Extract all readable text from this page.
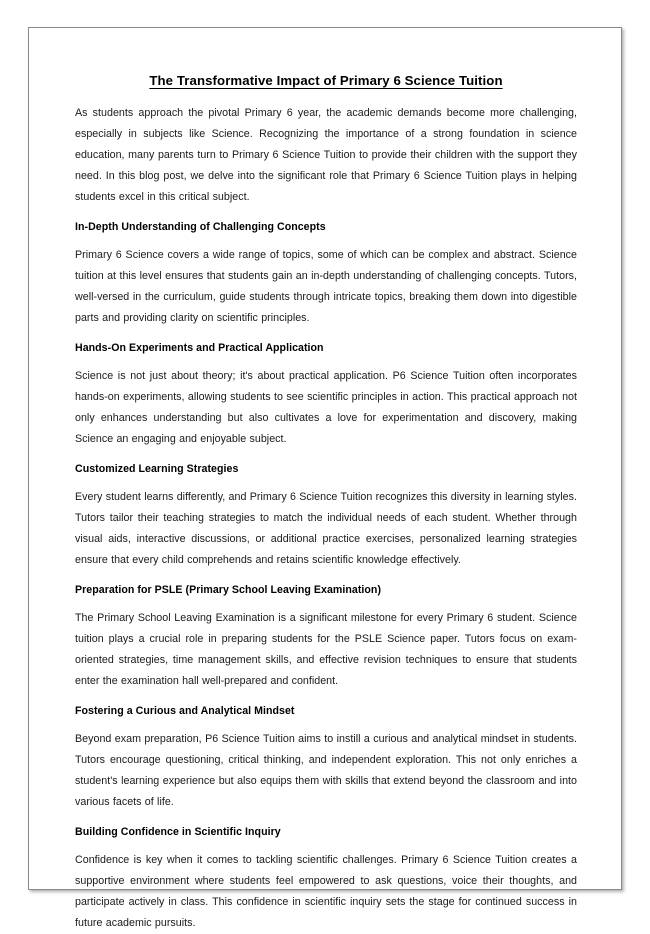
The Transformative Impact of Primary 6 Science Tuition

As students approach the pivotal Primary 6 year, the academic demands become more challenging, especially in subjects like Science. Recognizing the importance of a strong foundation in science education, many parents turn to Primary 6 Science Tuition to provide their children with the support they need. In this blog post, we delve into the significant role that Primary 6 Science Tuition plays in helping students excel in this critical subject.

In-Depth Understanding of Challenging Concepts

Primary 6 Science covers a wide range of topics, some of which can be complex and abstract. Science tuition at this level ensures that students gain an in-depth understanding of challenging concepts. Tutors, well-versed in the curriculum, guide students through intricate topics, breaking them down into digestible parts and providing clarity on scientific principles.

Hands-On Experiments and Practical Application

Science is not just about theory; it's about practical application. P6 Science Tuition often incorporates hands-on experiments, allowing students to see scientific principles in action. This practical approach not only enhances understanding but also cultivates a love for experimentation and discovery, making Science an engaging and enjoyable subject.

Customized Learning Strategies

Every student learns differently, and Primary 6 Science Tuition recognizes this diversity in learning styles. Tutors tailor their teaching strategies to match the individual needs of each student. Whether through visual aids, interactive discussions, or additional practice exercises, personalized learning strategies ensure that every child comprehends and retains scientific knowledge effectively.

Preparation for PSLE (Primary School Leaving Examination)

The Primary School Leaving Examination is a significant milestone for every Primary 6 student. Science tuition plays a crucial role in preparing students for the PSLE Science paper. Tutors focus on exam-oriented strategies, time management skills, and effective revision techniques to ensure that students enter the examination hall well-prepared and confident.

Fostering a Curious and Analytical Mindset

Beyond exam preparation, P6 Science Tuition aims to instill a curious and analytical mindset in students. Tutors encourage questioning, critical thinking, and independent exploration. This not only enriches a student's learning experience but also equips them with skills that extend beyond the classroom and into various facets of life.

Building Confidence in Scientific Inquiry

Confidence is key when it comes to tackling scientific challenges. Primary 6 Science Tuition creates a supportive environment where students feel empowered to ask questions, voice their thoughts, and participate actively in class. This confidence in scientific inquiry sets the stage for continued success in future academic pursuits.
